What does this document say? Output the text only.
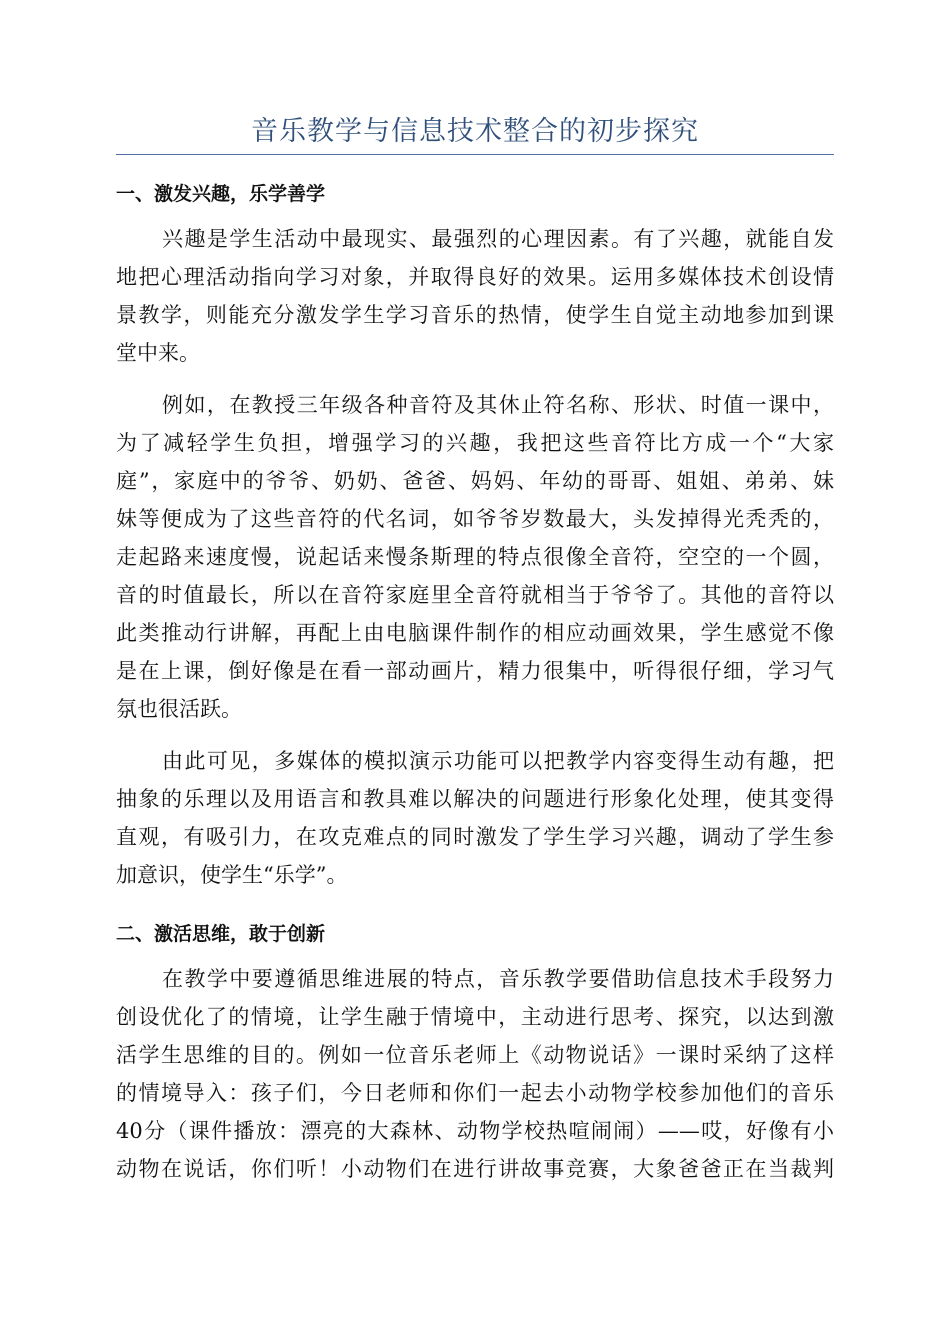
音乐教学与信息技术整合的初步探究
一、激发兴趣，乐学善学
兴趣是学生活动中最现实、最强烈的心理因素。有了兴趣，就能自发
地把心理活动指向学习对象，并取得良好的效果。运用多媒体技术创设情
景教学，则能充分激发学生学习音乐的热情，使学生自觉主动地参加到课
堂中来。
例如，在教授三年级各种音符及其休止符名称、形状、时值一课中，
为了减轻学生负担，增强学习的兴趣，我把这些音符比方成一个“大家
庭”，家庭中的爷爷、奶奶、爸爸、妈妈、年幼的哥哥、姐姐、弟弟、妹
妹等便成为了这些音符的代名词，如爷爷岁数最大，头发掉得光秃秃的，
走起路来速度慢，说起话来慢条斯理的特点很像全音符，空空的一个圆，
音的时值最长，所以在音符家庭里全音符就相当于爷爷了。其他的音符以
此类推动行讲解，再配上由电脑课件制作的相应动画效果，学生感觉不像
是在上课，倒好像是在看一部动画片，精力很集中，听得很仔细，学习气
氛也很活跃。
由此可见，多媒体的模拟演示功能可以把教学内容变得生动有趣，把
抽象的乐理以及用语言和教具难以解决的问题进行形象化处理，使其变得
直观，有吸引力，在攻克难点的同时激发了学生学习兴趣，调动了学生参
加意识，使学生“乐学”。
二、激活思维，敢于创新
在教学中要遵循思维进展的特点，音乐教学要借助信息技术手段努力
创设优化了的情境，让学生融于情境中，主动进行思考、探究，以达到激
活学生思维的目的。例如一位音乐老师上《动物说话》一课时采纳了这样
的情境导入：孩子们，今日老师和你们一起去小动物学校参加他们的音乐
40分（课件播放：漂亮的大森林、动物学校热喧闹闹）——哎，好像有小
动物在说话，你们听！小动物们在进行讲故事竞赛，大象爸爸正在当裁判
